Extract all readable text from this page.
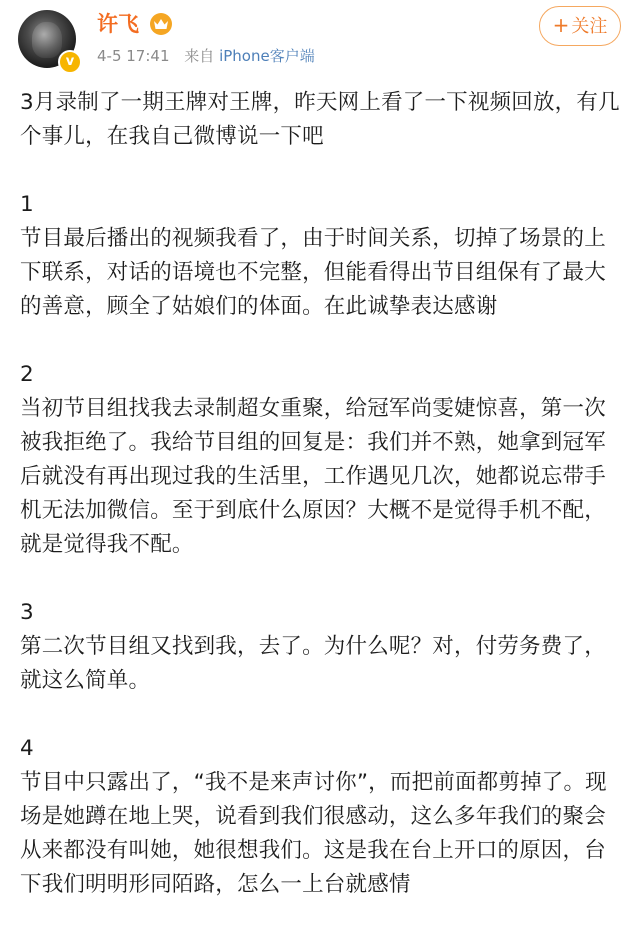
v
许飞
4-5 17:41 来自 iPhone客户端
+ 关注

3月录制了一期王牌对王牌，昨天网上看了一下视频回放，有几个事儿，在我自己微博说一下吧

1
节目最后播出的视频我看了，由于时间关系，切掉了场景的上下联系，对话的语境也不完整，但能看得出节目组保有了最大的善意，顾全了姑娘们的体面。在此诚挚表达感谢

2
当初节目组找我去录制超女重聚，给冠军尚雯婕惊喜，第一次被我拒绝了。我给节目组的回复是：我们并不熟，她拿到冠军后就没有再出现过我的生活里，工作遇见几次，她都说忘带手机无法加微信。至于到底什么原因？大概不是觉得手机不配，就是觉得我不配。

3
第二次节目组又找到我，去了。为什么呢？对，付劳务费了，就这么简单。

4
节目中只露出了，“我不是来声讨你”，而把前面都剪掉了。现场是她蹲在地上哭，说看到我们很感动，这么多年我们的聚会从来都没有叫她，她很想我们。这是我在台上开口的原因，台下我们明明形同陌路，怎么一上台就感情
